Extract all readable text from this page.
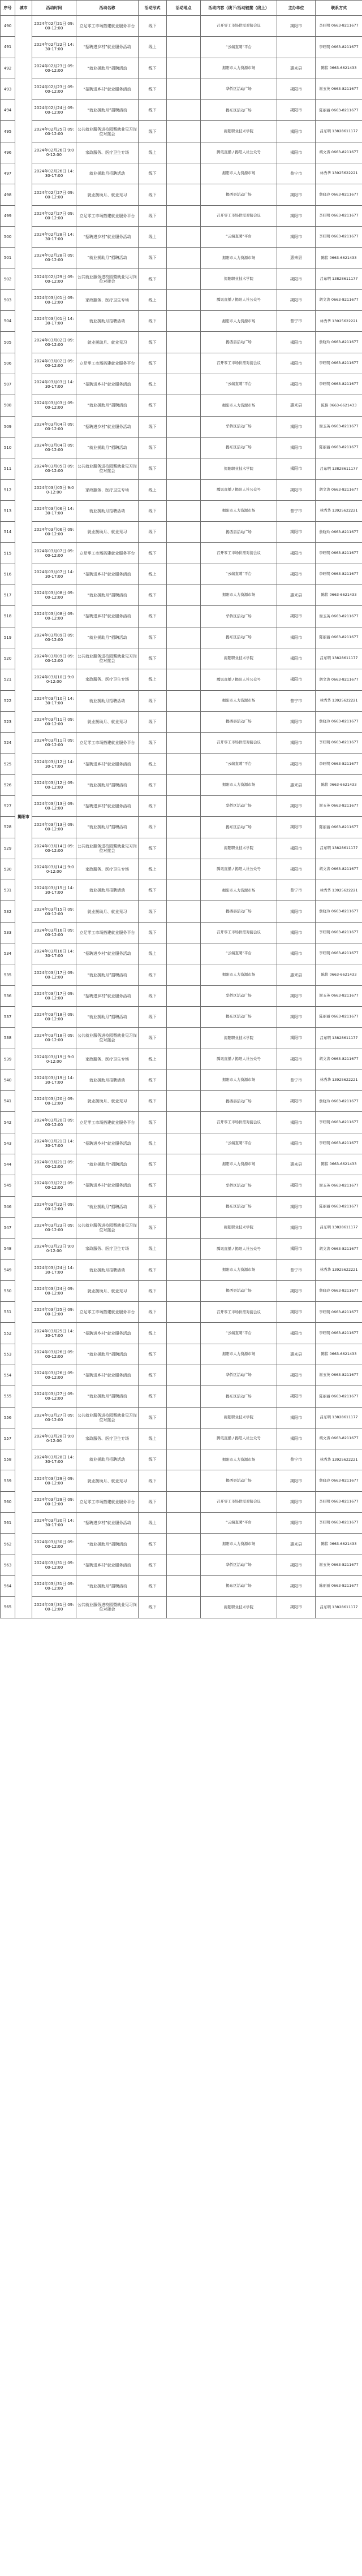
序号	城市	活动时间	活动名称	活动形式	活动地点	活动内容（线下/活动链接（线上）	主办单位	联系方式
490	揭阳市	2024年02月21日 09:00-12:00	立足零工市场搭建就业服务平台	线下		召开零工市场供需对接会议	揭阳市	李旺明 0663-8211677
491		2024年02月22日 14:30-17:00	“招聘进乡村”就业服务活动	线上		“云端直聘”平台		李旺明 0663-8211677
492		2024年02月23日 09:00-12:00	“就业援助月”招聘活动	线下		揭阳市人力资源市场	惠来县	陈伟 0663-6621433
493		2024年02月23日 09:00-12:00	“招聘进乡村”就业服务活动	线下		华侨区活动广场	揭阳市	谢玉英 0663-8211677
494		2024年02月24日 09:00-12:00	“就业援助月”招聘活动	线下		揭东区活动广场	揭阳市	陈丽丽 0663-8211677
495		2024年02月25日 09:00-12:00	公共就业服务进校园暨就业见习岗位对接会	线下		揭阳职业技术学院	揭阳市	吕东明 13828611177
496		2024年02月26日 9:00-12:00	家政服务、医疗卫生专场	线上		腾讯直播 / 揭阳人社公众号	揭阳市	胡文涛 0663-8211677
497		2024年02月26日 14:30-17:00	就业援助月招聘活动	线下		揭阳市人力资源市场	普宁市	林秀华 13925622221
498		2024年02月27日 09:00-12:00	就业援助月、就业见习	线下		揭西县活动广场	揭阳市	詹晓玲 0663-8211677
499		2024年02月27日 09:00-12:00	立足零工市场搭建就业服务平台	线下		召开零工市场供需对接会议	揭阳市	李旺明 0663-8211677
500		2024年02月28日 14:30-17:00	“招聘进乡村”就业服务活动	线上		“云端直聘”平台	揭阳市	李旺明 0663-8211677
501		2024年02月28日 09:00-12:00	“就业援助月”招聘活动	线下		揭阳市人力资源市场	惠来县	陈伟 0663-6621433
502		2024年02月29日 09:00-12:00	公共就业服务进校园暨就业见习岗位对接会	线下		揭阳职业技术学院	揭阳市	吕东明 13828611177
503		2024年03月01日 09:00-12:00	家政服务、医疗卫生专场	线上		腾讯直播 / 揭阳人社公众号	揭阳市	胡文涛 0663-8211677
504		2024年03月01日 14:30-17:00	就业援助月招聘活动	线下		揭阳市人力资源市场	普宁市	林秀华 13925622221
505		2024年03月02日 09:00-12:00	就业援助月、就业见习	线下		揭西县活动广场	揭阳市	詹晓玲 0663-8211677
506		2024年03月02日 09:00-12:00	立足零工市场搭建就业服务平台	线下		召开零工市场供需对接会议	揭阳市	李旺明 0663-8211677
507		2024年03月03日 14:30-17:00	“招聘进乡村”就业服务活动	线上		“云端直聘”平台	揭阳市	李旺明 0663-8211677
508		2024年03月03日 09:00-12:00	“就业援助月”招聘活动	线下		揭阳市人力资源市场	惠来县	陈伟 0663-6621433
509		2024年03月04日 09:00-12:00	“招聘进乡村”就业服务活动	线下		华侨区活动广场	揭阳市	谢玉英 0663-8211677
510		2024年03月04日 09:00-12:00	“就业援助月”招聘活动	线下		揭东区活动广场	揭阳市	陈丽丽 0663-8211677
511		2024年03月05日 09:00-12:00	公共就业服务进校园暨就业见习岗位对接会	线下		揭阳职业技术学院	揭阳市	吕东明 13828611177
512		2024年03月05日 9:00-12:00	家政服务、医疗卫生专场	线上		腾讯直播 / 揭阳人社公众号	揭阳市	胡文涛 0663-8211677
513		2024年03月06日 14:30-17:00	就业援助月招聘活动	线下		揭阳市人力资源市场	普宁市	林秀华 13925622221
514		2024年03月06日 09:00-12:00	就业援助月、就业见习	线下		揭西县活动广场	揭阳市	詹晓玲 0663-8211677
515		2024年03月07日 09:00-12:00	立足零工市场搭建就业服务平台	线下		召开零工市场供需对接会议	揭阳市	李旺明 0663-8211677
516		2024年03月07日 14:30-17:00	“招聘进乡村”就业服务活动	线上		“云端直聘”平台	揭阳市	李旺明 0663-8211677
517		2024年03月08日 09:00-12:00	“就业援助月”招聘活动	线下		揭阳市人力资源市场	惠来县	陈伟 0663-6621433
518		2024年03月08日 09:00-12:00	“招聘进乡村”就业服务活动	线下		华侨区活动广场	揭阳市	谢玉英 0663-8211677
519		2024年03月09日 09:00-12:00	“就业援助月”招聘活动	线下		揭东区活动广场	揭阳市	陈丽丽 0663-8211677
520		2024年03月09日 09:00-12:00	公共就业服务进校园暨就业见习岗位对接会	线下		揭阳职业技术学院	揭阳市	吕东明 13828611177
521		2024年03月10日 9:00-12:00	家政服务、医疗卫生专场	线上		腾讯直播 / 揭阳人社公众号	揭阳市	胡文涛 0663-8211677
522		2024年03月10日 14:30-17:00	就业援助月招聘活动	线下		揭阳市人力资源市场	普宁市	林秀华 13925622221
523		2024年03月11日 09:00-12:00	就业援助月、就业见习	线下		揭西县活动广场	揭阳市	詹晓玲 0663-8211677
524		2024年03月11日 09:00-12:00	立足零工市场搭建就业服务平台	线下		召开零工市场供需对接会议	揭阳市	李旺明 0663-8211677
525		2024年03月12日 14:30-17:00	“招聘进乡村”就业服务活动	线上		“云端直聘”平台	揭阳市	李旺明 0663-8211677
526		2024年03月12日 09:00-12:00	“就业援助月”招聘活动	线下		揭阳市人力资源市场	惠来县	陈伟 0663-6621433
527		2024年03月13日 09:00-12:00	“招聘进乡村”就业服务活动	线下		华侨区活动广场	揭阳市	谢玉英 0663-8211677
528		2024年03月13日 09:00-12:00	“就业援助月”招聘活动	线下		揭东区活动广场	揭阳市	陈丽丽 0663-8211677
529		2024年03月14日 09:00-12:00	公共就业服务进校园暨就业见习岗位对接会	线下		揭阳职业技术学院	揭阳市	吕东明 13828611177
530		2024年03月14日 9:00-12:00	家政服务、医疗卫生专场	线上		腾讯直播 / 揭阳人社公众号	揭阳市	胡文涛 0663-8211677
531		2024年03月15日 14:30-17:00	就业援助月招聘活动	线下		揭阳市人力资源市场	普宁市	林秀华 13925622221
532		2024年03月15日 09:00-12:00	就业援助月、就业见习	线下		揭西县活动广场	揭阳市	詹晓玲 0663-8211677
533		2024年03月16日 09:00-12:00	立足零工市场搭建就业服务平台	线下		召开零工市场供需对接会议	揭阳市	李旺明 0663-8211677
534		2024年03月16日 14:30-17:00	“招聘进乡村”就业服务活动	线上		“云端直聘”平台	揭阳市	李旺明 0663-8211677
535		2024年03月17日 09:00-12:00	“就业援助月”招聘活动	线下		揭阳市人力资源市场	惠来县	陈伟 0663-6621433
536		2024年03月17日 09:00-12:00	“招聘进乡村”就业服务活动	线下		华侨区活动广场	揭阳市	谢玉英 0663-8211677
537		2024年03月18日 09:00-12:00	“就业援助月”招聘活动	线下		揭东区活动广场	揭阳市	陈丽丽 0663-8211677
538		2024年03月18日 09:00-12:00	公共就业服务进校园暨就业见习岗位对接会	线下		揭阳职业技术学院	揭阳市	吕东明 13828611177
539		2024年03月19日 9:00-12:00	家政服务、医疗卫生专场	线上		腾讯直播 / 揭阳人社公众号	揭阳市	胡文涛 0663-8211677
540		2024年03月19日 14:30-17:00	就业援助月招聘活动	线下		揭阳市人力资源市场	普宁市	林秀华 13925622221
541		2024年03月20日 09:00-12:00	就业援助月、就业见习	线下		揭西县活动广场	揭阳市	詹晓玲 0663-8211677
542		2024年03月20日 09:00-12:00	立足零工市场搭建就业服务平台	线下		召开零工市场供需对接会议	揭阳市	李旺明 0663-8211677
543		2024年03月21日 14:30-17:00	“招聘进乡村”就业服务活动	线上		“云端直聘”平台	揭阳市	李旺明 0663-8211677
544		2024年03月21日 09:00-12:00	“就业援助月”招聘活动	线下		揭阳市人力资源市场	惠来县	陈伟 0663-6621433
545		2024年03月22日 09:00-12:00	“招聘进乡村”就业服务活动	线下		华侨区活动广场	揭阳市	谢玉英 0663-8211677
546		2024年03月22日 09:00-12:00	“就业援助月”招聘活动	线下		揭东区活动广场	揭阳市	陈丽丽 0663-8211677
547		2024年03月23日 09:00-12:00	公共就业服务进校园暨就业见习岗位对接会	线下		揭阳职业技术学院	揭阳市	吕东明 13828611177
548		2024年03月23日 9:00-12:00	家政服务、医疗卫生专场	线上		腾讯直播 / 揭阳人社公众号	揭阳市	胡文涛 0663-8211677
549		2024年03月24日 14:30-17:00	就业援助月招聘活动	线下		揭阳市人力资源市场	普宁市	林秀华 13925622221
550		2024年03月24日 09:00-12:00	就业援助月、就业见习	线下		揭西县活动广场	揭阳市	詹晓玲 0663-8211677
551		2024年03月25日 09:00-12:00	立足零工市场搭建就业服务平台	线下		召开零工市场供需对接会议	揭阳市	李旺明 0663-8211677
552		2024年03月25日 14:30-17:00	“招聘进乡村”就业服务活动	线上		“云端直聘”平台	揭阳市	李旺明 0663-8211677
553		2024年03月26日 09:00-12:00	“就业援助月”招聘活动	线下		揭阳市人力资源市场	惠来县	陈伟 0663-6621433
554		2024年03月26日 09:00-12:00	“招聘进乡村”就业服务活动	线下		华侨区活动广场	揭阳市	谢玉英 0663-8211677
555		2024年03月27日 09:00-12:00	“就业援助月”招聘活动	线下		揭东区活动广场	揭阳市	陈丽丽 0663-8211677
556		2024年03月27日 09:00-12:00	公共就业服务进校园暨就业见习岗位对接会	线下		揭阳职业技术学院	揭阳市	吕东明 13828611177
557		2024年03月28日 9:00-12:00	家政服务、医疗卫生专场	线上		腾讯直播 / 揭阳人社公众号	揭阳市	胡文涛 0663-8211677
558		2024年03月28日 14:30-17:00	就业援助月招聘活动	线下		揭阳市人力资源市场	普宁市	林秀华 13925622221
559		2024年03月29日 09:00-12:00	就业援助月、就业见习	线下		揭西县活动广场	揭阳市	詹晓玲 0663-8211677
560		2024年03月29日 09:00-12:00	立足零工市场搭建就业服务平台	线下		召开零工市场供需对接会议	揭阳市	李旺明 0663-8211677
561		2024年03月30日 14:30-17:00	“招聘进乡村”就业服务活动	线上		“云端直聘”平台	揭阳市	李旺明 0663-8211677
562		2024年03月30日 09:00-12:00	“就业援助月”招聘活动	线下		揭阳市人力资源市场	惠来县	陈伟 0663-6621433
563		2024年03月31日 09:00-12:00	“招聘进乡村”就业服务活动	线下		华侨区活动广场	揭阳市	谢玉英 0663-8211677
564		2024年03月31日 09:00-12:00	“就业援助月”招聘活动	线下		揭东区活动广场	揭阳市	陈丽丽 0663-8211677
565		2024年03月31日 09:00-12:00	公共就业服务进校园暨就业见习岗位对接会	线下		揭阳职业技术学院	揭阳市	吕东明 13828611177
